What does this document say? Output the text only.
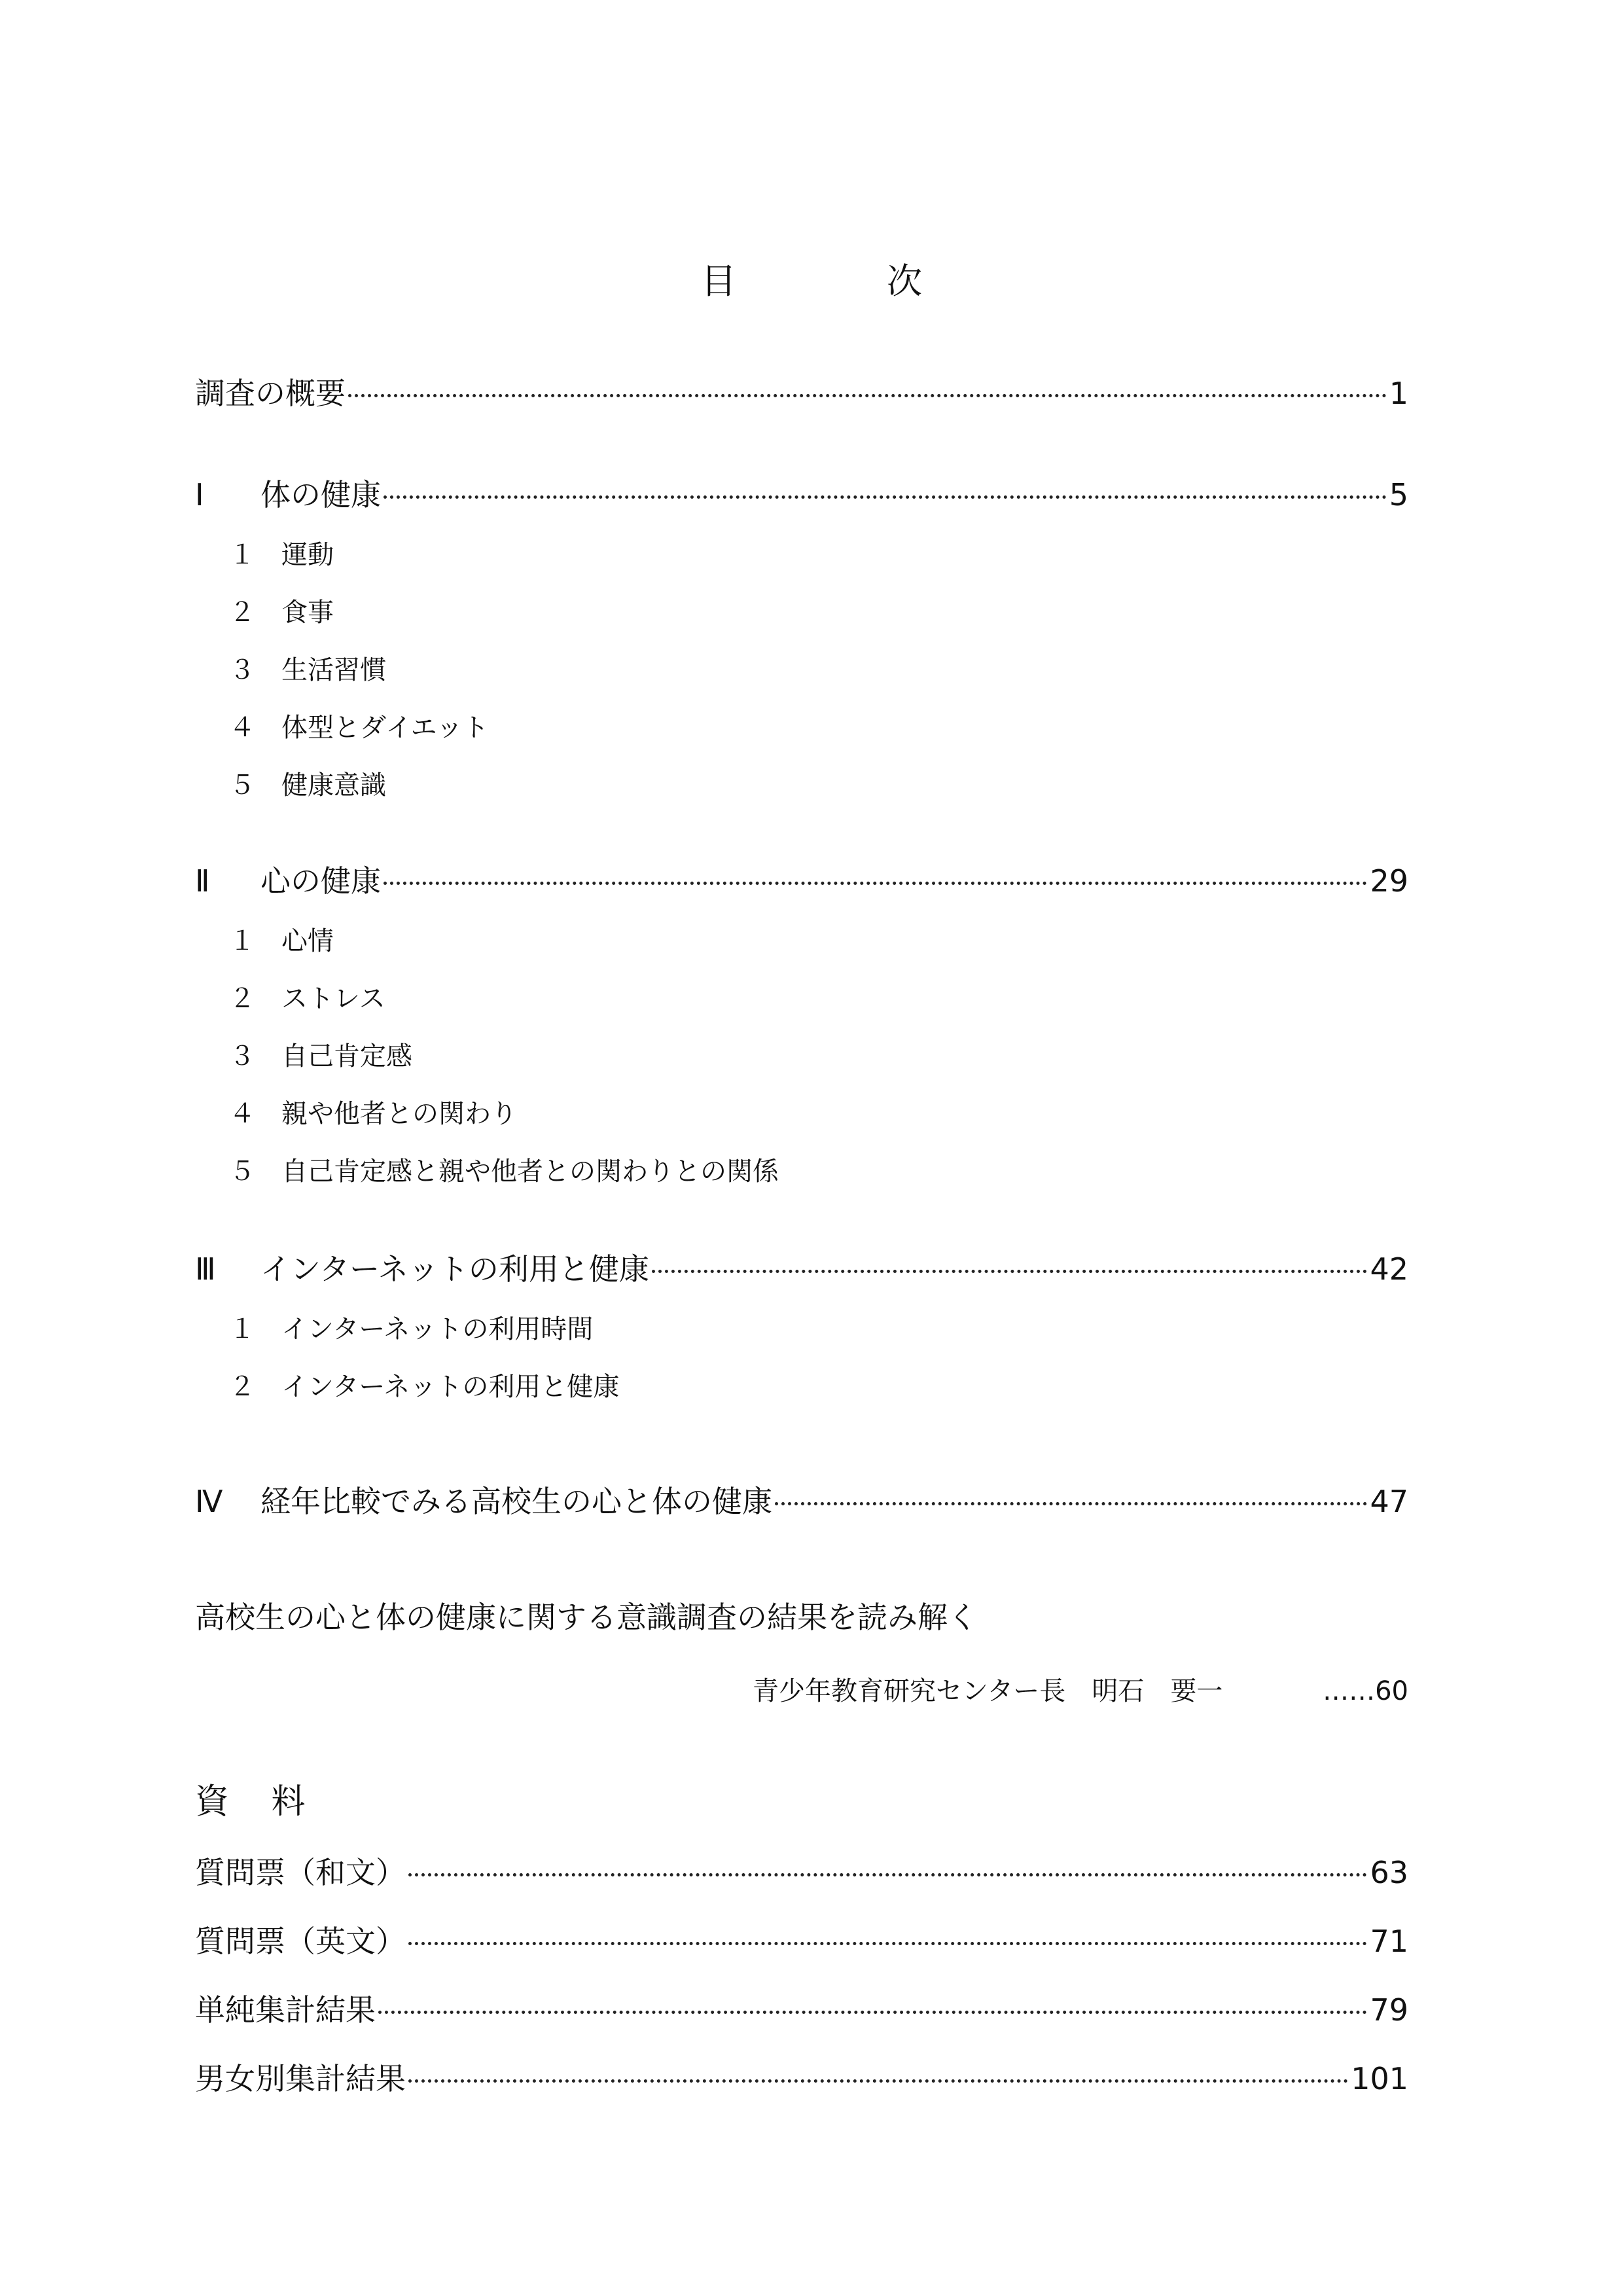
目　次
調査の概要	1
Ⅰ	体の健康	5
１	運動
２	食事
３	生活習慣
４	体型とダイエット
５	健康意識
Ⅱ	心の健康	29
１	心情
２	ストレス
３	自己肯定感
４	親や他者との関わり
５	自己肯定感と親や他者との関わりとの関係
Ⅲ	インターネットの利用と健康	42
１	インターネットの利用時間
２	インターネットの利用と健康
Ⅳ	経年比較でみる高校生の心と体の健康	47
高校生の心と体の健康に関する意識調査の結果を読み解く
青少年教育研究センター長　明石　要一	……60
資 料
質問票（和文）	63
質問票（英文）	71
単純集計結果	79
男女別集計結果	101
